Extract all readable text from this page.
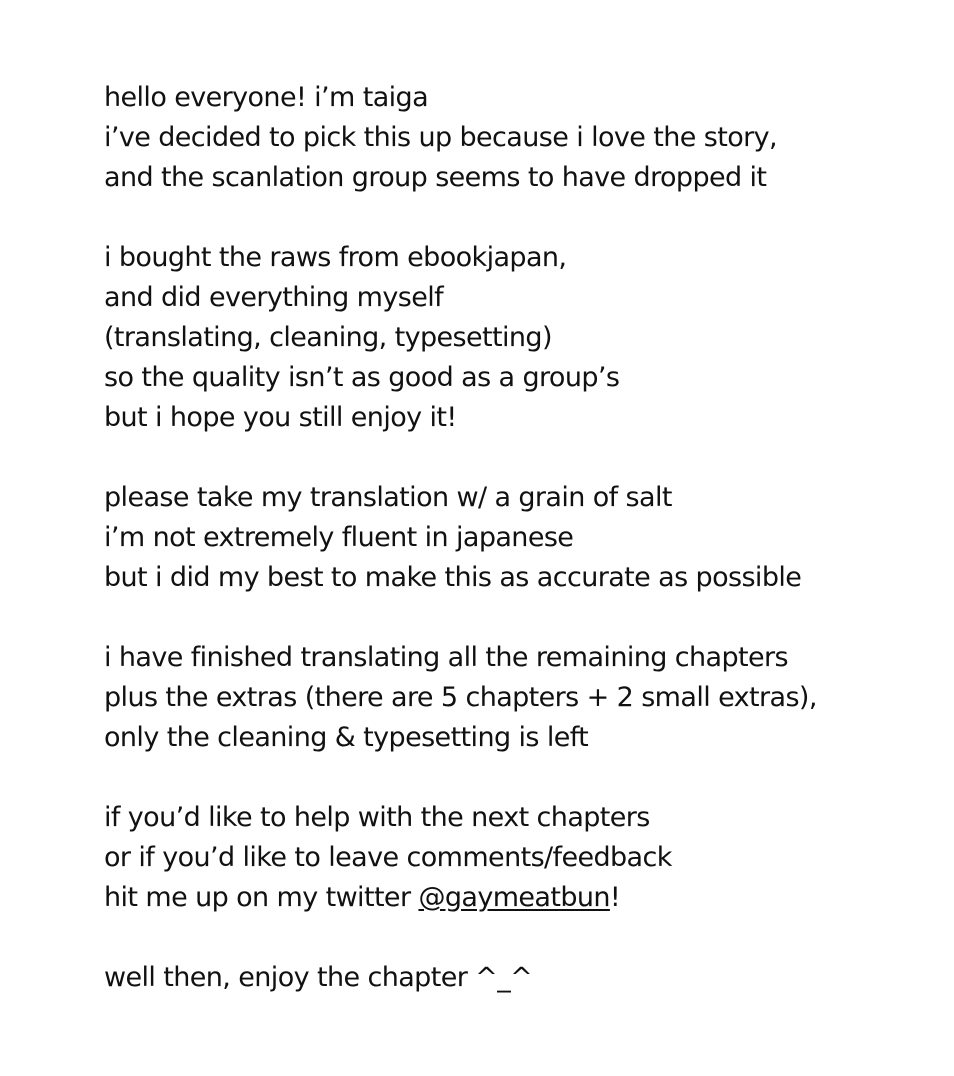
hello everyone! i’m taiga
i’ve decided to pick this up because i love the story,
and the scanlation group seems to have dropped it
i bought the raws from ebookjapan,
and did everything myself
(translating, cleaning, typesetting)
so the quality isn’t as good as a group’s
but i hope you still enjoy it!
please take my translation w/ a grain of salt
i’m not extremely fluent in japanese
but i did my best to make this as accurate as possible
i have finished translating all the remaining chapters
plus the extras (there are 5 chapters + 2 small extras),
only the cleaning & typesetting is left
if you’d like to help with the next chapters
or if you’d like to leave comments/feedback
hit me up on my twitter @gaymeatbun!
well then, enjoy the chapter ^_^
